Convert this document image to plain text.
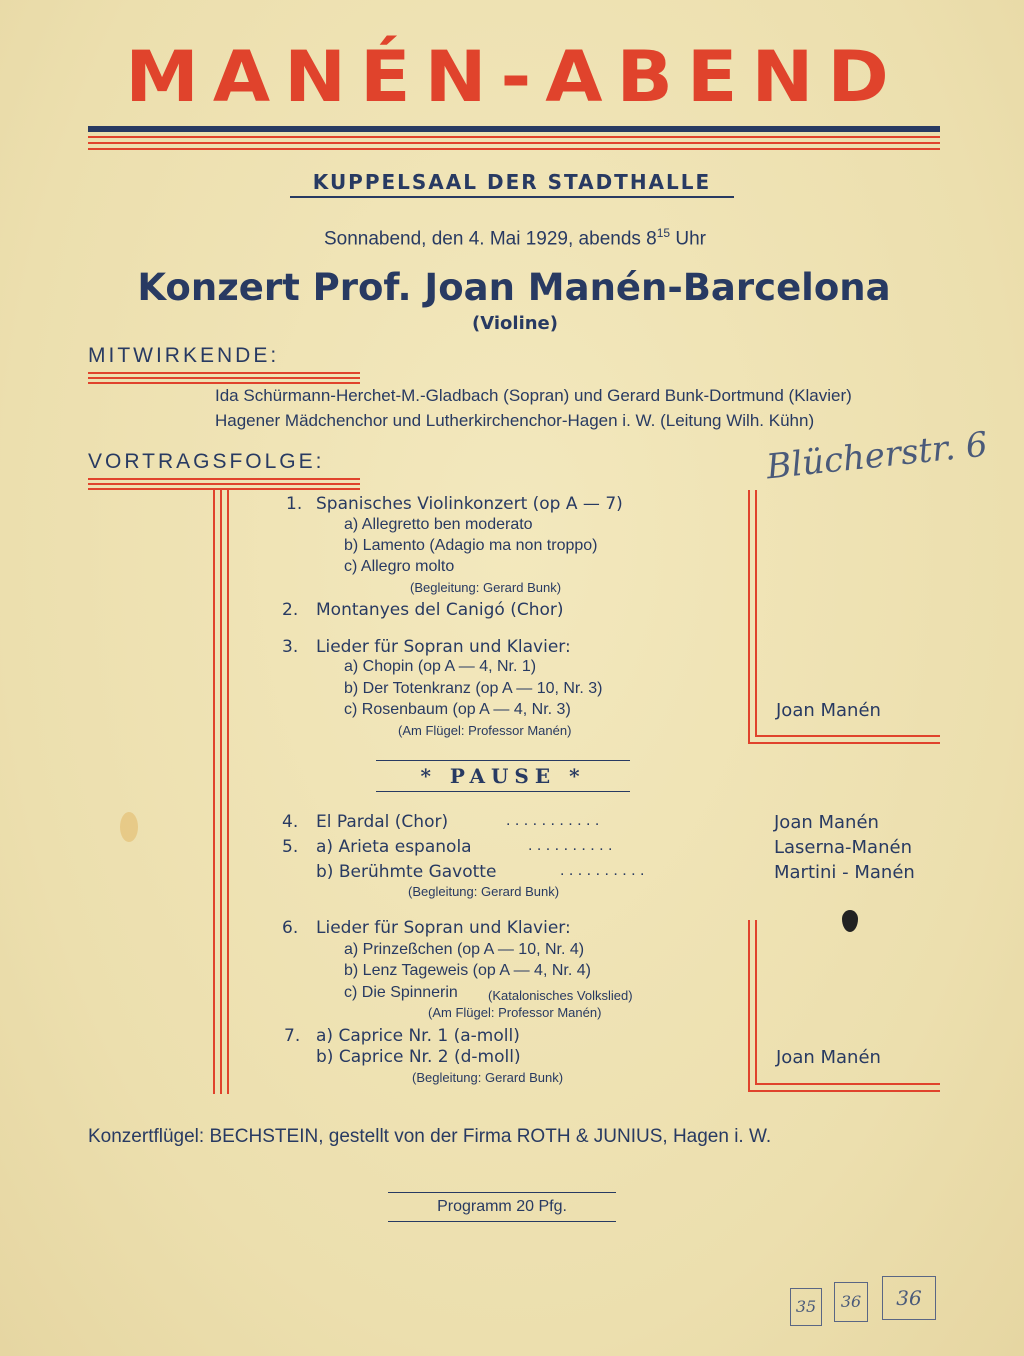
MANÉN-ABEND
KUPPELSAAL DER STADTHALLE
Sonnabend, den 4. Mai 1929, abends $8^{15}$ Uhr
Konzert Prof. Joan Manén-Barcelona
(Violine)
MITWIRKENDE:
Ida Schürmann-Herchet-M.-Gladbach (Sopran) und Gerard Bunk-Dortmund (Klavier)
Hagener Mädchenchor und Lutherkirchenchor-Hagen i. W. (Leitung Wilh. Kühn)
VORTRAGSFOLGE:
1. Spanisches Violinkonzert (op A — 7)
a) Allegretto ben moderato
b) Lamento (Adagio ma non troppo)
c) Allegro molto
(Begleitung: Gerard Bunk)
2. Montanyes del Canigó (Chor)
3. Lieder für Sopran und Klavier:
a) Chopin (op A — 4, Nr. 1)
b) Der Totenkranz (op A — 10, Nr. 3)
c) Rosenbaum (op A — 4, Nr. 3)
(Am Flügel: Professor Manén)
Joan Manén
* PAUSE *
4. El Pardal (Chor)	. . . . . . . . . . .	Joan Manén
5. a) Arieta espanola	. . . . . . . . . .	Laserna-Manén
b) Berühmte Gavotte	. . . . . . . . . .	Martini - Manén
(Begleitung: Gerard Bunk)
6. Lieder für Sopran und Klavier:
a) Prinzeßchen (op A — 10, Nr. 4)
b) Lenz Tageweis (op A — 4, Nr. 4)
c) Die Spinnerin (Katalonisches Volkslied)
(Am Flügel: Professor Manén)
7. a) Caprice Nr. 1 (a-moll)
b) Caprice Nr. 2 (d-moll)
(Begleitung: Gerard Bunk)
Joan Manén
Konzertflügel: BECHSTEIN, gestellt von der Firma ROTH & JUNIUS, Hagen i. W.
Programm 20 Pfg.
Blücherstr. 6
35	36	36
